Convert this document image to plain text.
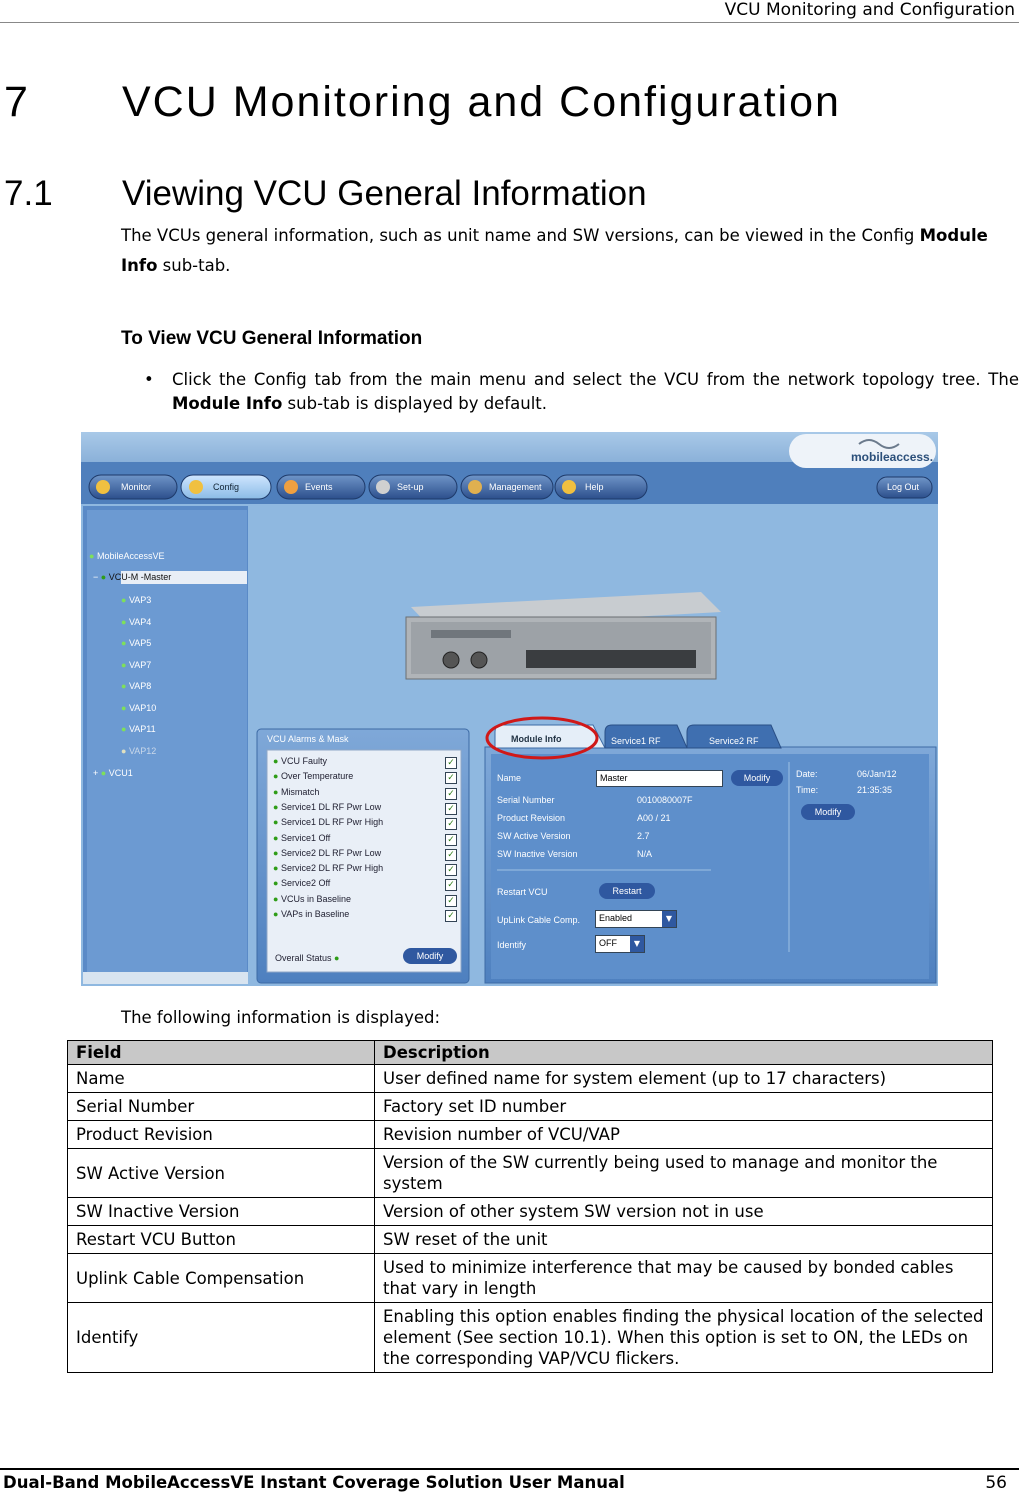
VCU Monitoring and Configuration
7 VCU Monitoring and Configuration
7.1 Viewing VCU General Information
The VCUs general information, such as unit name and SW versions, can be viewed in the Config Module Info sub-tab.
To View VCU General Information
•	Click the Config tab from the main menu and select the VCU from the network topology tree. The Module Info sub-tab is displayed by default.
mobileaccess.
Monitor	Config	Events	Set-up	Management	Help	Log Out
● MobileAccessVE
− ● VCU-M -Master
● VAP3
● VAP4
● VAP5
● VAP7
● VAP8
● VAP10
● VAP11
● VAP12
+ ● VCU1
VCU Alarms & Mask
● VCU Faulty	✓
● Over Temperature	✓
● Mismatch	✓
● Service1 DL RF Pwr Low	✓
● Service1 DL RF Pwr High	✓
● Service1 Off	✓
● Service2 DL RF Pwr Low	✓
● Service2 DL RF Pwr High	✓
● Service2 Off	✓
● VCUs in Baseline	✓
● VAPs in Baseline	✓
Overall Status ●	Modify
Module Info	Service1 RF	Service2 RF
Name	Master	Modify	Date:	06/Jan/12
Time:	21:35:35
Modify
Serial Number	0010080007F
Product Revision	A00 / 21
SW Active Version	2.7
SW Inactive Version	N/A
Restart VCU	Restart
UpLink Cable Comp. Enabled	▼
Identify	OFF	▼
The following information is displayed:
Field	Description
Name	User defined name for system element (up to 17 characters)
Serial Number	Factory set ID number
Product Revision	Revision number of VCU/VAP
SW Active Version	Version of the SW currently being used to manage and monitor the system
SW Inactive Version	Version of other system SW version not in use
Restart VCU Button	SW reset of the unit
Uplink Cable Compensation	Used to minimize interference that may be caused by bonded cables that vary in length
Identify	Enabling this option enables finding the physical location of the selected element (See section 10.1). When this option is set to ON, the LEDs on the corresponding VAP/VCU flickers.
Dual-Band MobileAccessVE Instant Coverage Solution User Manual	56
